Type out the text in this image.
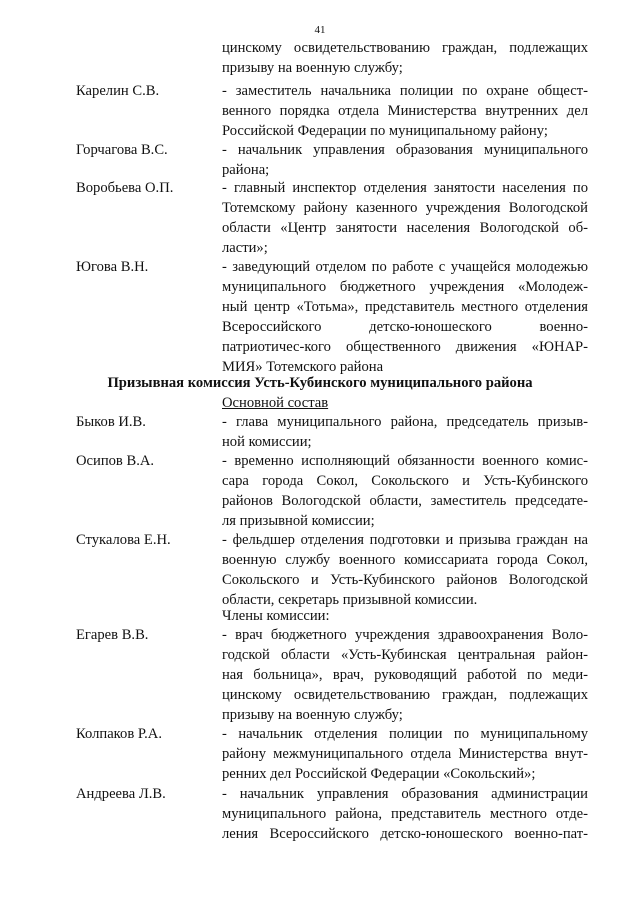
41
цинскому освидетельствованию граждан, подлежащих
призыву на военную службу;
Карелин С.В.	- заместитель начальника полиции по охране общест-
венного порядка отдела Министерства внутренних дел
Российской Федерации по муниципальному району;
Горчагова В.С.	- начальник управления образования муниципального
района;
Воробьева О.П.	- главный инспектор отделения занятости населения по
Тотемскому району казенного учреждения Вологодской
области «Центр занятости населения Вологодской об-
ласти»;
Югова В.Н.	- заведующий отделом по работе с учащейся молодежью
муниципального бюджетного учреждения «Молодеж-
ный центр «Тотьма», представитель местного отделения
Всероссийского детско-юношеского военно-
патриотичес-кого общественного движения «ЮНАР-
МИЯ» Тотемского района
Призывная комиссия Усть-Кубинского муниципального района
Основной состав
Быков И.В.	- глава муниципального района, председатель призыв-
ной комиссии;
Осипов В.А.	- временно исполняющий обязанности военного комис-
сара города Сокол, Сокольского и Усть-Кубинского
районов Вологодской области, заместитель председате-
ля призывной комиссии;
Стукалова Е.Н.	- фельдшер отделения подготовки и призыва граждан на
военную службу военного комиссариата города Сокол,
Сокольского и Усть-Кубинского районов Вологодской
области, секретарь призывной комиссии.
Члены комиссии:
Егарев В.В.	- врач бюджетного учреждения здравоохранения Воло-
годской области «Усть-Кубинская центральная район-
ная больница», врач, руководящий работой по меди-
цинскому освидетельствованию граждан, подлежащих
призыву на военную службу;
Колпаков Р.А.	- начальник отделения полиции по муниципальному
району межмуниципального отдела Министерства внут-
ренних дел Российской Федерации «Сокольский»;
Андреева Л.В.	- начальник управления образования администрации
муниципального района, представитель местного отде-
ления Всероссийского детско-юношеского военно-пат-
